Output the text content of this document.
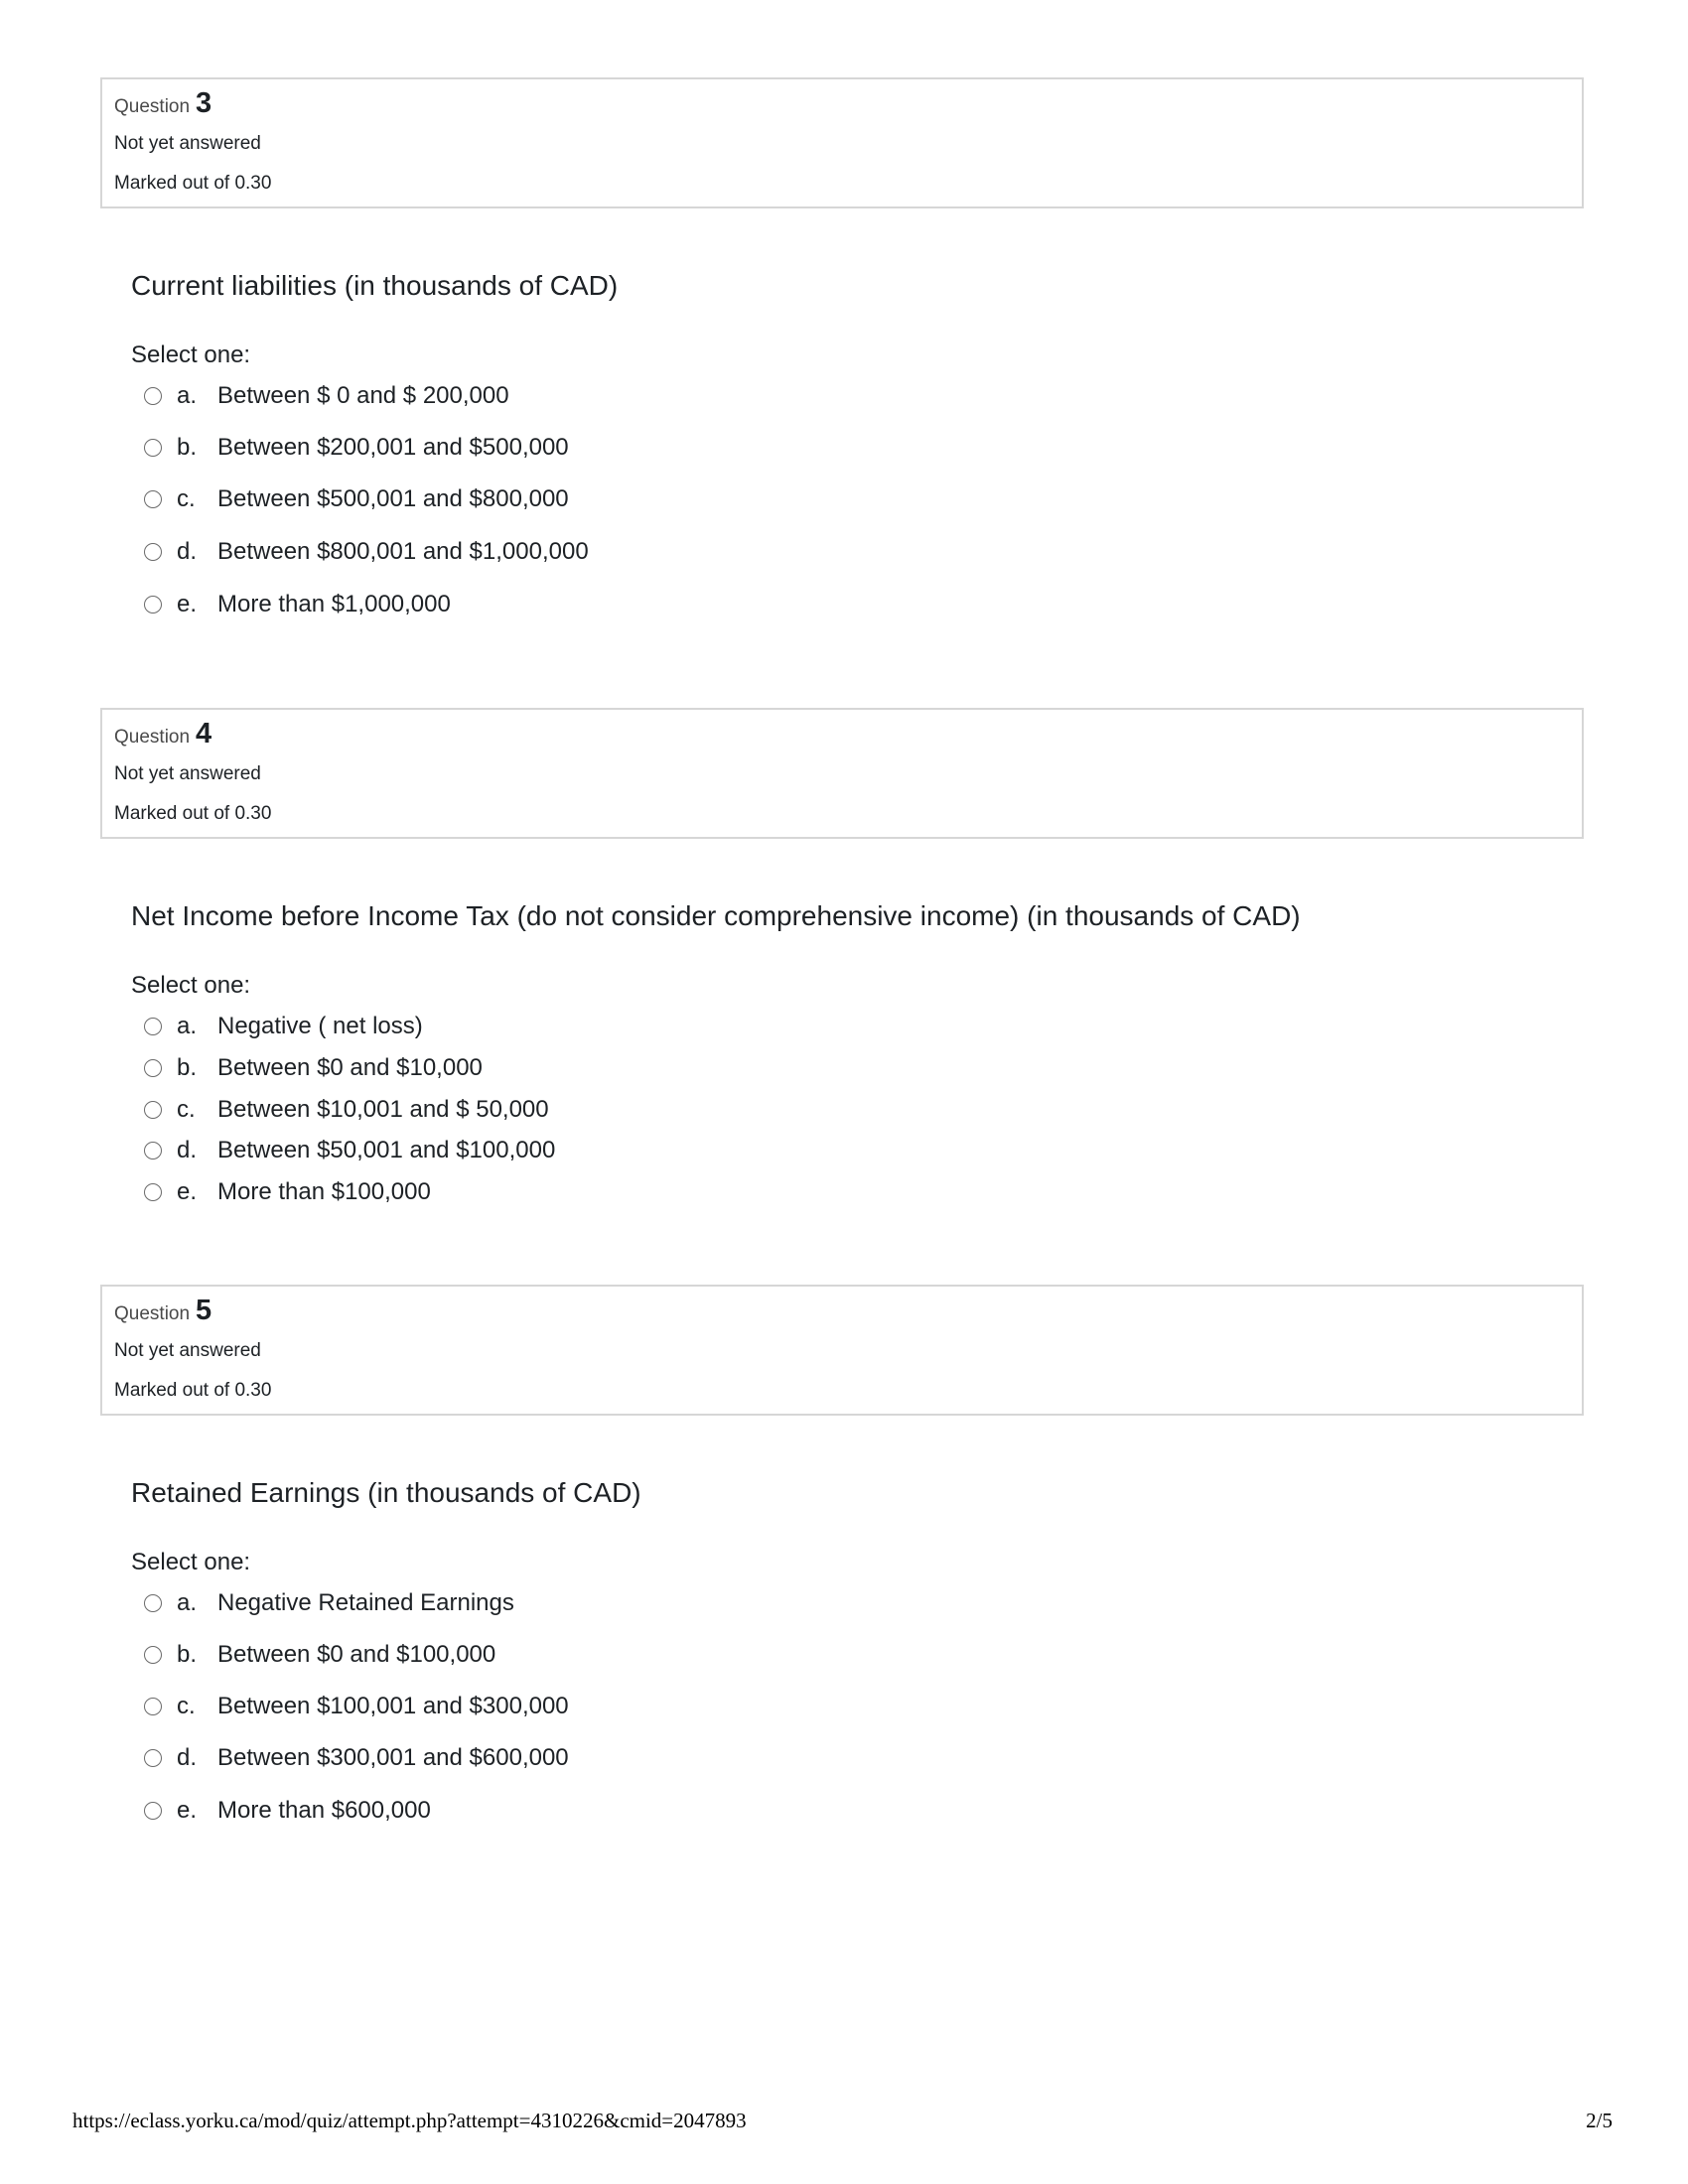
Question 3
Not yet answered
Marked out of 0.30
Current liabilities (in thousands of CAD)
Select one:
a. Between $ 0 and $ 200,000
b. Between $200,001 and $500,000
c. Between $500,001 and $800,000
d. Between $800,001 and $1,000,000
e. More than $1,000,000
Question 4
Not yet answered
Marked out of 0.30
Net Income before Income Tax (do not consider comprehensive income) (in thousands of CAD)
Select one:
a. Negative ( net loss)
b. Between $0 and $10,000
c. Between $10,001 and $ 50,000
d. Between $50,001 and $100,000
e. More than $100,000
Question 5
Not yet answered
Marked out of 0.30
Retained Earnings (in thousands of CAD)
Select one:
a. Negative Retained Earnings
b. Between $0 and $100,000
c. Between $100,001 and $300,000
d. Between $300,001 and $600,000
e. More than $600,000
https://eclass.yorku.ca/mod/quiz/attempt.php?attempt=4310226&cmid=2047893	2/5
